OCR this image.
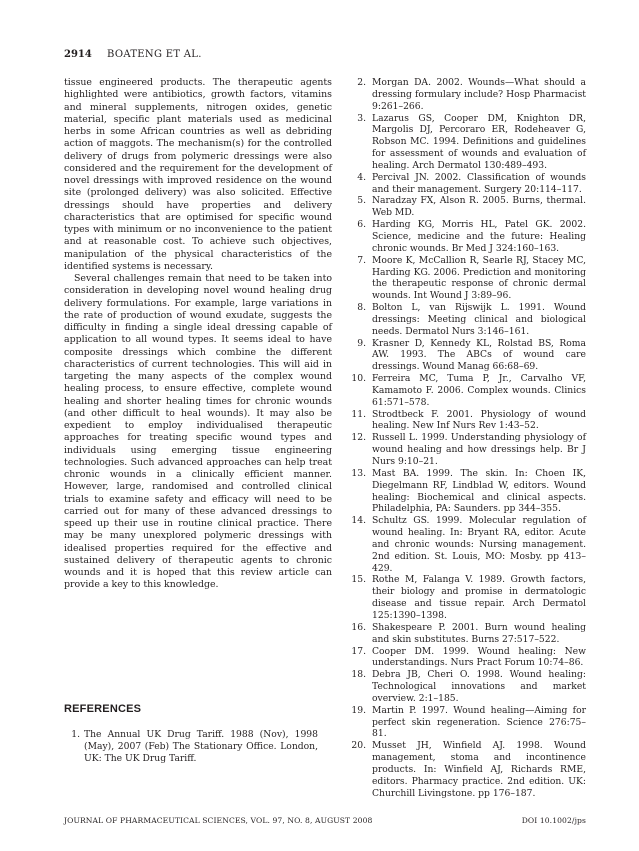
2914 BOATENG ET AL.

tissue engineered products. The therapeutic agents highlighted were antibiotics, growth factors, vitamins and mineral supplements, nitrogen oxides, genetic material, specific plant materials used as medicinal herbs in some African countries as well as debriding action of maggots. The mechanism(s) for the controlled delivery of drugs from polymeric dressings were also considered and the requirement for the development of novel dressings with improved residence on the wound site (prolonged delivery) was also solicited. Effective dressings should have properties and delivery characteristics that are optimised for specific wound types with minimum or no inconvenience to the patient and at reasonable cost. To achieve such objectives, manipulation of the physical characteristics of the identified systems is necessary.

Several challenges remain that need to be taken into consideration in developing novel wound healing drug delivery formulations. For example, large variations in the rate of production of wound exudate, suggests the difficulty in finding a single ideal dressing capable of application to all wound types. It seems ideal to have composite dressings which combine the different characteristics of current technologies. This will aid in targeting the many aspects of the complex wound healing process, to ensure effective, complete wound healing and shorter healing times for chronic wounds (and other difficult to heal wounds). It may also be expedient to employ individualised therapeutic approaches for treating specific wound types and individuals using emerging tissue engineering technologies. Such advanced approaches can help treat chronic wounds in a clinically efficient manner. However, large, randomised and controlled clinical trials to examine safety and efficacy will need to be carried out for many of these advanced dressings to speed up their use in routine clinical practice. There may be many unexplored polymeric dressings with idealised properties required for the effective and sustained delivery of therapeutic agents to chronic wounds and it is hoped that this review article can provide a key to this knowledge.

REFERENCES
1. The Annual UK Drug Tariff. 1988 (Nov), 1998 (May), 2007 (Feb) The Stationary Office. London, UK: The UK Drug Tariff.
2. Morgan DA. 2002. Wounds—What should a dressing formulary include? Hosp Pharmacist 9:261–266.
3. Lazarus GS, Cooper DM, Knighton DR, Margolis DJ, Percoraro ER, Rodeheaver G, Robson MC. 1994. Definitions and guidelines for assessment of wounds and evaluation of healing. Arch Dermatol 130:489–493.
4. Percival JN. 2002. Classification of wounds and their management. Surgery 20:114–117.
5. Naradzay FX, Alson R. 2005. Burns, thermal. Web MD.
6. Harding KG, Morris HL, Patel GK. 2002. Science, medicine and the future: Healing chronic wounds. Br Med J 324:160–163.
7. Moore K, McCallion R, Searle RJ, Stacey MC, Harding KG. 2006. Prediction and monitoring the therapeutic response of chronic dermal wounds. Int Wound J 3:89–96.
8. Bolton L, van Rijswijk L. 1991. Wound dressings: Meeting clinical and biological needs. Dermatol Nurs 3:146–161.
9. Krasner D, Kennedy KL, Rolstad BS, Roma AW. 1993. The ABCs of wound care dressings. Wound Manag 66:68–69.
10. Ferreira MC, Tuma P, Jr., Carvalho VF, Kamamoto F. 2006. Complex wounds. Clinics 61:571–578.
11. Strodtbeck F. 2001. Physiology of wound healing. New Inf Nurs Rev 1:43–52.
12. Russell L. 1999. Understanding physiology of wound healing and how dressings help. Br J Nurs 9:10–21.
13. Mast BA. 1999. The skin. In: Choen IK, Diegelmann RF, Lindblad W, editors. Wound healing: Biochemical and clinical aspects. Philadelphia, PA: Saunders. pp 344–355.
14. Schultz GS. 1999. Molecular regulation of wound healing. In: Bryant RA, editor. Acute and chronic wounds: Nursing management. 2nd edition. St. Louis, MO: Mosby. pp 413–429.
15. Rothe M, Falanga V. 1989. Growth factors, their biology and promise in dermatologic disease and tissue repair. Arch Dermatol 125:1390–1398.
16. Shakespeare P. 2001. Burn wound healing and skin substitutes. Burns 27:517–522.
17. Cooper DM. 1999. Wound healing: New understandings. Nurs Pract Forum 10:74–86.
18. Debra JB, Cheri O. 1998. Wound healing: Technological innovations and market overview. 2:1–185.
19. Martin P. 1997. Wound healing—Aiming for perfect skin regeneration. Science 276:75–81.
20. Musset JH, Winfield AJ. 1998. Wound management, stoma and incontinence products. In: Winfield AJ, Richards RME, editors. Pharmacy practice. 2nd edition. UK: Churchill Livingstone. pp 176–187.
JOURNAL OF PHARMACEUTICAL SCIENCES, VOL. 97, NO. 8, AUGUST 2008	DOI 10.1002/jps
